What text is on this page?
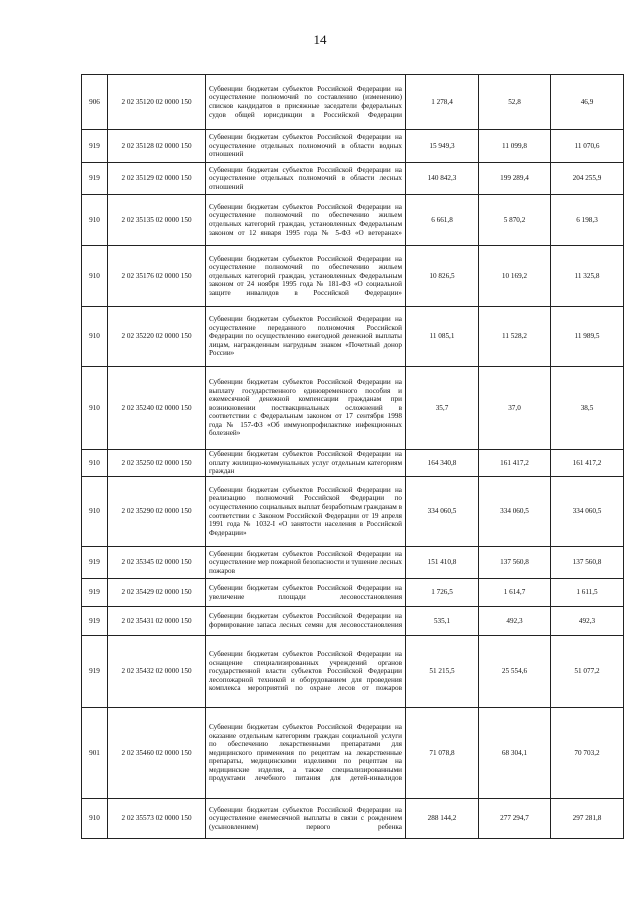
14
906	2 02 35120 02 0000 150	Субвенции бюджетам субъектов Российской Федерации на осуществление полномочий по составлению (изменению) списков кандидатов в присяжные заседатели федеральных судов общей юрисдикции в Российской Федерации	1 278,4	52,8	46,9
919	2 02 35128 02 0000 150	Субвенции бюджетам субъектов Российской Федерации на осуществление отдельных полномочий в области водных отношений	15 949,3	11 099,8	11 070,6
919	2 02 35129 02 0000 150	Субвенции бюджетам субъектов Российской Федерации на осуществление отдельных полномочий в области лесных отношений	140 842,3	199 289,4	204 255,9
910	2 02 35135 02 0000 150	Субвенции бюджетам субъектов Российской Федерации на осуществление полномочий по обеспечению жильем отдельных категорий граждан, установленных Федеральным законом от 12 января 1995 года № 5-ФЗ «О ветеранах»	6 661,8	5 870,2	6 198,3
910	2 02 35176 02 0000 150	Субвенции бюджетам субъектов Российской Федерации на осуществление полномочий по обеспечению жильем отдельных категорий граждан, установленных Федеральным законом от 24 ноября 1995 года № 181-ФЗ «О социальной защите инвалидов в Российской Федерации»	10 826,5	10 169,2	11 325,8
910	2 02 35220 02 0000 150	Субвенции бюджетам субъектов Российской Федерации на осуществление переданного полномочия Российской Федерации по осуществлению ежегодной денежной выплаты лицам, награжденным нагрудным знаком «Почетный донор России»	11 085,1	11 528,2	11 989,5
910	2 02 35240 02 0000 150	Субвенции бюджетам субъектов Российской Федерации на выплату государственного единовременного пособия и ежемесячной денежной компенсации гражданам при возникновении поствакцинальных осложнений в соответствии с Федеральным законом от 17 сентября 1998 года № 157-ФЗ «Об иммунопрофилактике инфекционных болезней»	35,7	37,0	38,5
910	2 02 35250 02 0000 150	Субвенции бюджетам субъектов Российской Федерации на оплату жилищно-коммунальных услуг отдельным категориям граждан	164 340,8	161 417,2	161 417,2
910	2 02 35290 02 0000 150	Субвенции бюджетам субъектов Российской Федерации на реализацию полномочий Российской Федерации по осуществлению социальных выплат безработным гражданам в соответствии с Законом Российской Федерации от 19 апреля 1991 года № 1032-I «О занятости населения в Российской Федерации»	334 060,5	334 060,5	334 060,5
919	2 02 35345 02 0000 150	Субвенции бюджетам субъектов Российской Федерации на осуществление мер пожарной безопасности и тушение лесных пожаров	151 410,8	137 560,8	137 560,8
919	2 02 35429 02 0000 150	Субвенции бюджетам субъектов Российской Федерации на увеличение площади лесовосстановления	1 726,5	1 614,7	1 611,5
919	2 02 35431 02 0000 150	Субвенции бюджетам субъектов Российской Федерации на формирование запаса лесных семян для лесовосстановления	535,1	492,3	492,3
919	2 02 35432 02 0000 150	Субвенции бюджетам субъектов Российской Федерации на оснащение специализированных учреждений органов государственной власти субъектов Российской Федерации лесопожарной техникой и оборудованием для проведения комплекса мероприятий по охране лесов от пожаров	51 215,5	25 554,6	51 077,2
901	2 02 35460 02 0000 150	Субвенции бюджетам субъектов Российской Федерации на оказание отдельным категориям граждан социальной услуги по обеспечению лекарственными препаратами для медицинского применения по рецептам на лекарственные препараты, медицинскими изделиями по рецептам на медицинские изделия, а также специализированными продуктами лечебного питания для детей-инвалидов	71 078,8	68 304,1	70 703,2
910	2 02 35573 02 0000 150	Субвенции бюджетам субъектов Российской Федерации на осуществление ежемесячной выплаты в связи с рождением (усыновлением) первого ребенка	288 144,2	277 294,7	297 281,8
